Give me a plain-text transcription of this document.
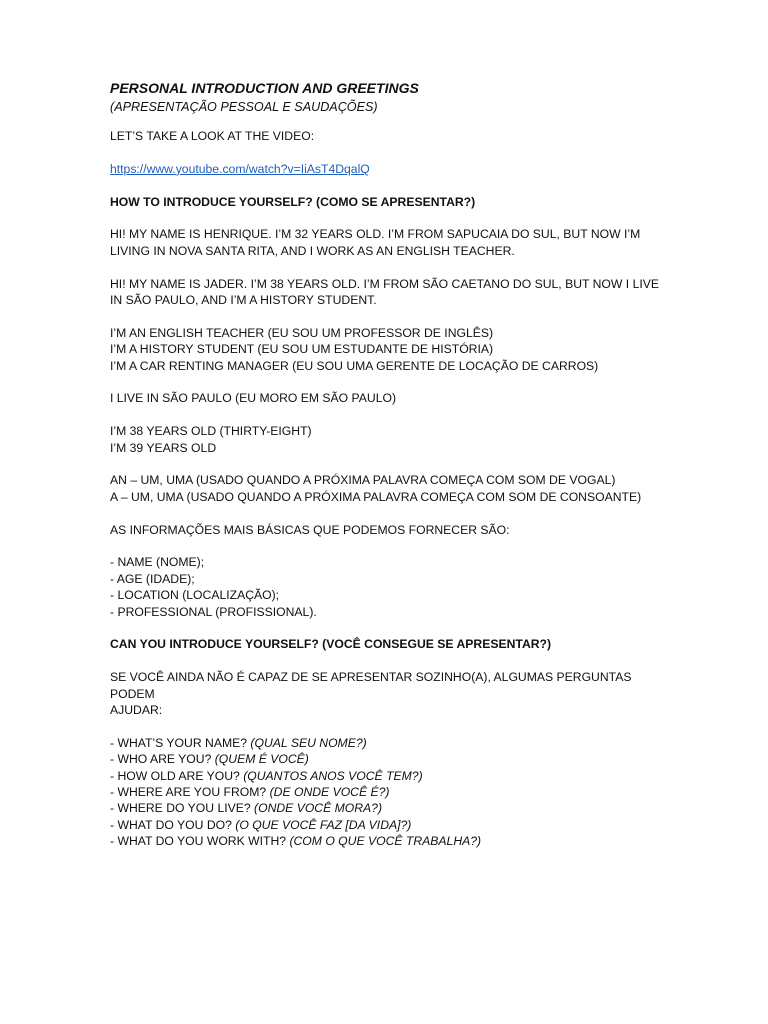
PERSONAL INTRODUCTION AND GREETINGS
(APRESENTAÇÃO PESSOAL E SAUDAÇÕES)
LET’S TAKE A LOOK AT THE VIDEO:
https://www.youtube.com/watch?v=IiAsT4DqalQ
HOW TO INTRODUCE YOURSELF? (COMO SE APRESENTAR?)
HI! MY NAME IS HENRIQUE. I’M 32 YEARS OLD. I’M FROM SAPUCAIA DO SUL, BUT NOW I’M
LIVING IN NOVA SANTA RITA, AND I WORK AS AN ENGLISH TEACHER.
HI! MY NAME IS JADER. I’M 38 YEARS OLD. I’M FROM SÃO CAETANO DO SUL, BUT NOW I LIVE
IN SÃO PAULO, AND I’M A HISTORY STUDENT.
I’M AN ENGLISH TEACHER (EU SOU UM PROFESSOR DE INGLÊS)
I’M A HISTORY STUDENT (EU SOU UM ESTUDANTE DE HISTÓRIA)
I’M A CAR RENTING MANAGER (EU SOU UMA GERENTE DE LOCAÇÃO DE CARROS)
I LIVE IN SÃO PAULO (EU MORO EM SÃO PAULO)
I’M 38 YEARS OLD (THIRTY-EIGHT)
I’M 39 YEARS OLD
AN – UM, UMA (USADO QUANDO A PRÓXIMA PALAVRA COMEÇA COM SOM DE VOGAL)
A – UM, UMA (USADO QUANDO A PRÓXIMA PALAVRA COMEÇA COM SOM DE CONSOANTE)
AS INFORMAÇÕES MAIS BÁSICAS QUE PODEMOS FORNECER SÃO:
- NAME (NOME);
- AGE (IDADE);
- LOCATION (LOCALIZAÇÃO);
- PROFESSIONAL (PROFISSIONAL).
CAN YOU INTRODUCE YOURSELF? (VOCÊ CONSEGUE SE APRESENTAR?)
SE VOCÊ AINDA NÃO É CAPAZ DE SE APRESENTAR SOZINHO(A), ALGUMAS PERGUNTAS PODEM
AJUDAR:
- WHAT’S YOUR NAME? (QUAL SEU NOME?)
- WHO ARE YOU? (QUEM É VOCÊ)
- HOW OLD ARE YOU? (QUANTOS ANOS VOCÊ TEM?)
- WHERE ARE YOU FROM? (DE ONDE VOCÊ É?)
- WHERE DO YOU LIVE? (ONDE VOCÊ MORA?)
- WHAT DO YOU DO? (O QUE VOCÊ FAZ [DA VIDA]?)
- WHAT DO YOU WORK WITH? (COM O QUE VOCÊ TRABALHA?)
